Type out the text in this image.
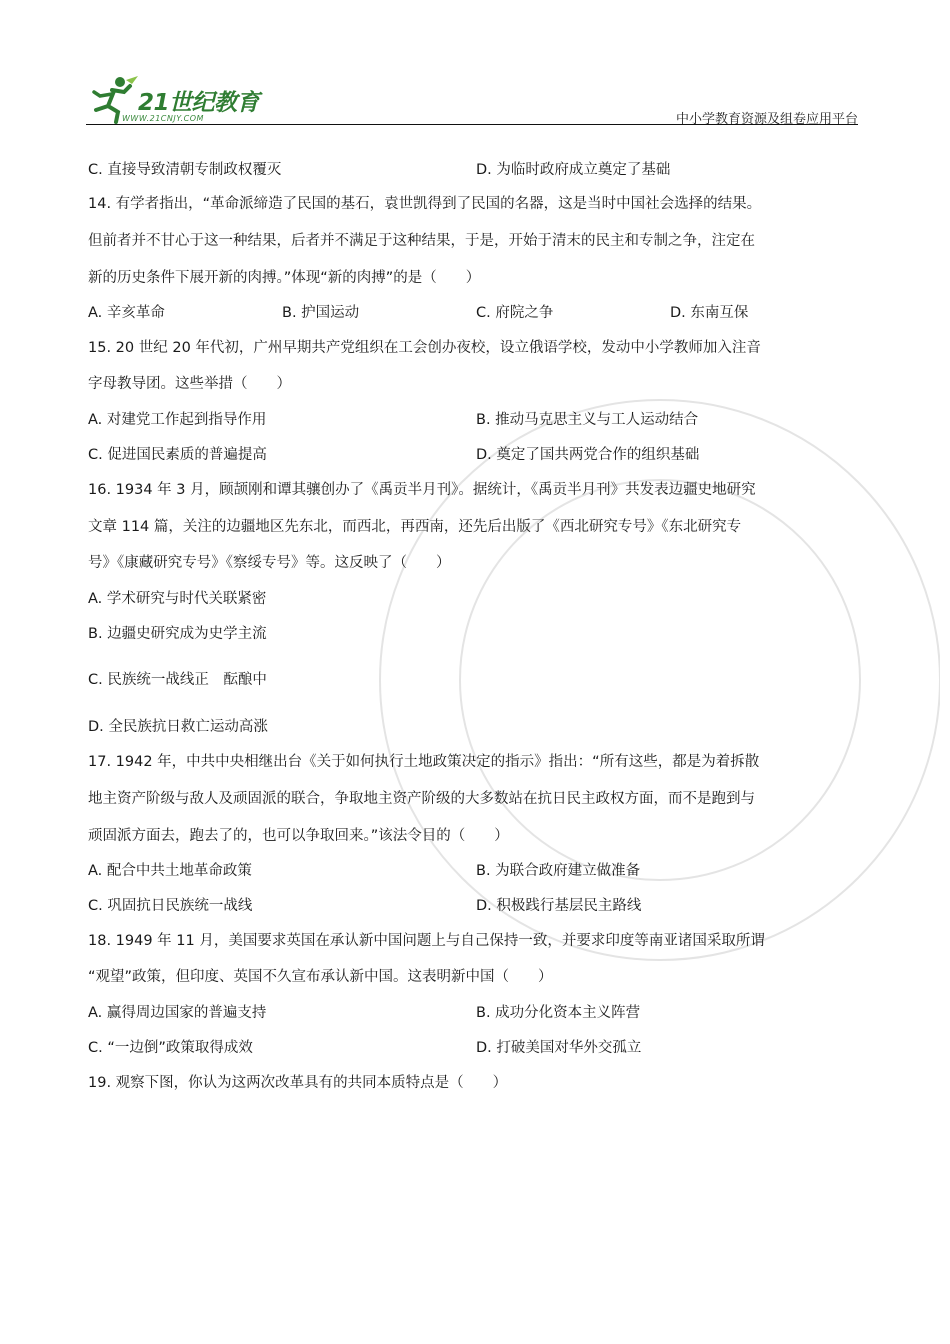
21世纪教育
WWW.21CNJY.COM	中小学教育资源及组卷应用平台
C. 直接导致清朝专制政权覆灭	D. 为临时政府成立奠定了基础
14. 有学者指出，“革命派缔造了民国的基石，袁世凯得到了民国的名器，这是当时中国社会选择的结果。
但前者并不甘心于这一种结果，后者并不满足于这种结果，于是，开始于清末的民主和专制之争，注定在
新的历史条件下展开新的肉搏。”体现“新的肉搏”的是（　　）
A. 辛亥革命	B. 护国运动	C. 府院之争	D. 东南互保
15. 20 世纪 20 年代初，广州早期共产党组织在工会创办夜校，设立俄语学校，发动中小学教师加入注音
字母教导团。这些举措（　　）
A. 对建党工作起到指导作用	B. 推动马克思主义与工人运动结合
C. 促进国民素质的普遍提高	D. 奠定了国共两党合作的组织基础
16. 1934 年 3 月，顾颉刚和谭其骧创办了《禹贡半月刊》。据统计，《禹贡半月刊》共发表边疆史地研究
文章 114 篇，关注的边疆地区先东北，而西北，再西南，还先后出版了《西北研究专号》《东北研究专
号》《康藏研究专号》《察绥专号》等。这反映了（　　）
A. 学术研究与时代关联紧密
B. 边疆史研究成为史学主流
C. 民族统一战线正　酝酿中
D. 全民族抗日救亡运动高涨
17. 1942 年，中共中央相继出台《关于如何执行土地政策决定的指示》指出：“所有这些，都是为着拆散
地主资产阶级与敌人及顽固派的联合，争取地主资产阶级的大多数站在抗日民主政权方面，而不是跑到与
顽固派方面去，跑去了的，也可以争取回来。”该法令目的（　　）
A. 配合中共土地革命政策	B. 为联合政府建立做准备
C. 巩固抗日民族统一战线	D. 积极践行基层民主路线
18. 1949 年 11 月，美国要求英国在承认新中国问题上与自己保持一致，并要求印度等南亚诸国采取所谓
“观望”政策，但印度、英国不久宣布承认新中国。这表明新中国（　　）
A. 赢得周边国家的普遍支持	B. 成功分化资本主义阵营
C. “一边倒”政策取得成效	D. 打破美国对华外交孤立
19. 观察下图，你认为这两次改革具有的共同本质特点是（　　）
